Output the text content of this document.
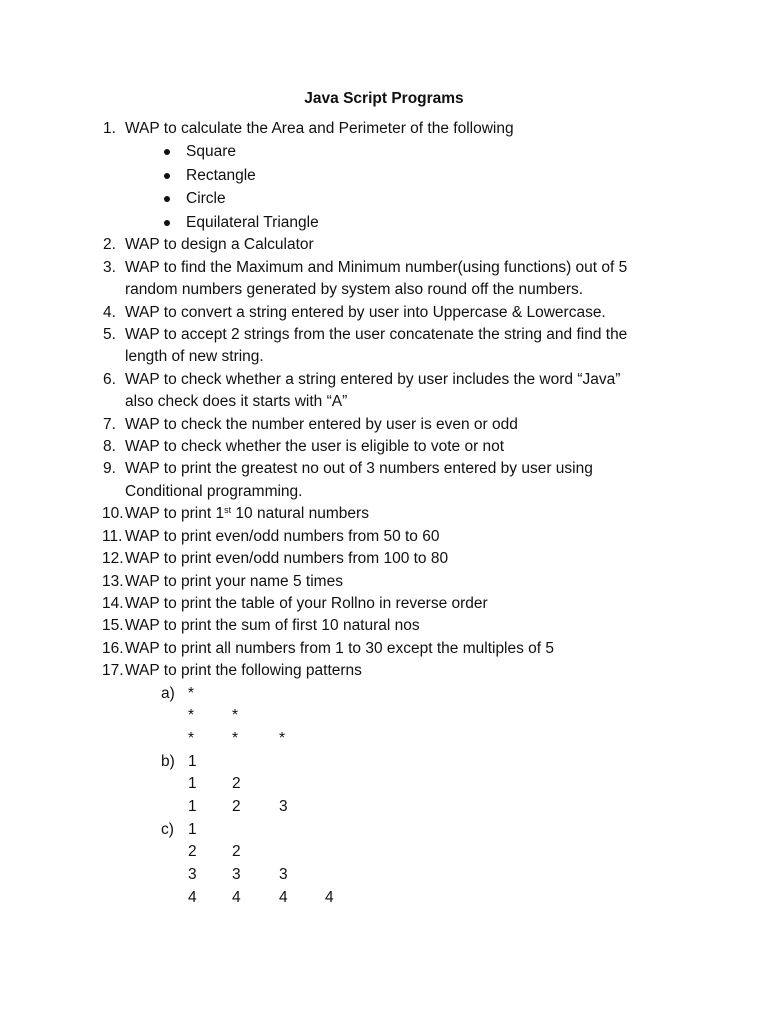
Java Script Programs
1. WAP to calculate the Area and Perimeter of the following
Square
Rectangle
Circle
Equilateral Triangle
2. WAP to design a Calculator
3. WAP to find the Maximum and Minimum number(using functions) out of 5
random numbers generated by system also round off the numbers.
4. WAP to convert a string entered by user into Uppercase & Lowercase.
5. WAP to accept 2 strings from the user concatenate the string and find the
length of new string.
6. WAP to check whether a string entered by user includes the word “Java”
also check does it starts with “A”
7. WAP to check the number entered by user is even or odd
8. WAP to check whether the user is eligible to vote or not
9. WAP to print the greatest no out of 3 numbers entered by user using
Conditional programming.
10. WAP to print 1st 10 natural numbers
11. WAP to print even/odd numbers from 50 to 60
12. WAP to print even/odd numbers from 100 to 80
13. WAP to print your name 5 times
14. WAP to print the table of your Rollno in reverse order
15. WAP to print the sum of first 10 natural nos
16. WAP to print all numbers from 1 to 30 except the multiples of 5
17. WAP to print the following patterns
a) *
* *
* *	*
b) 1
1 2
1 2 3
c) 1
2 2
3 3 3
4 4 4 4
